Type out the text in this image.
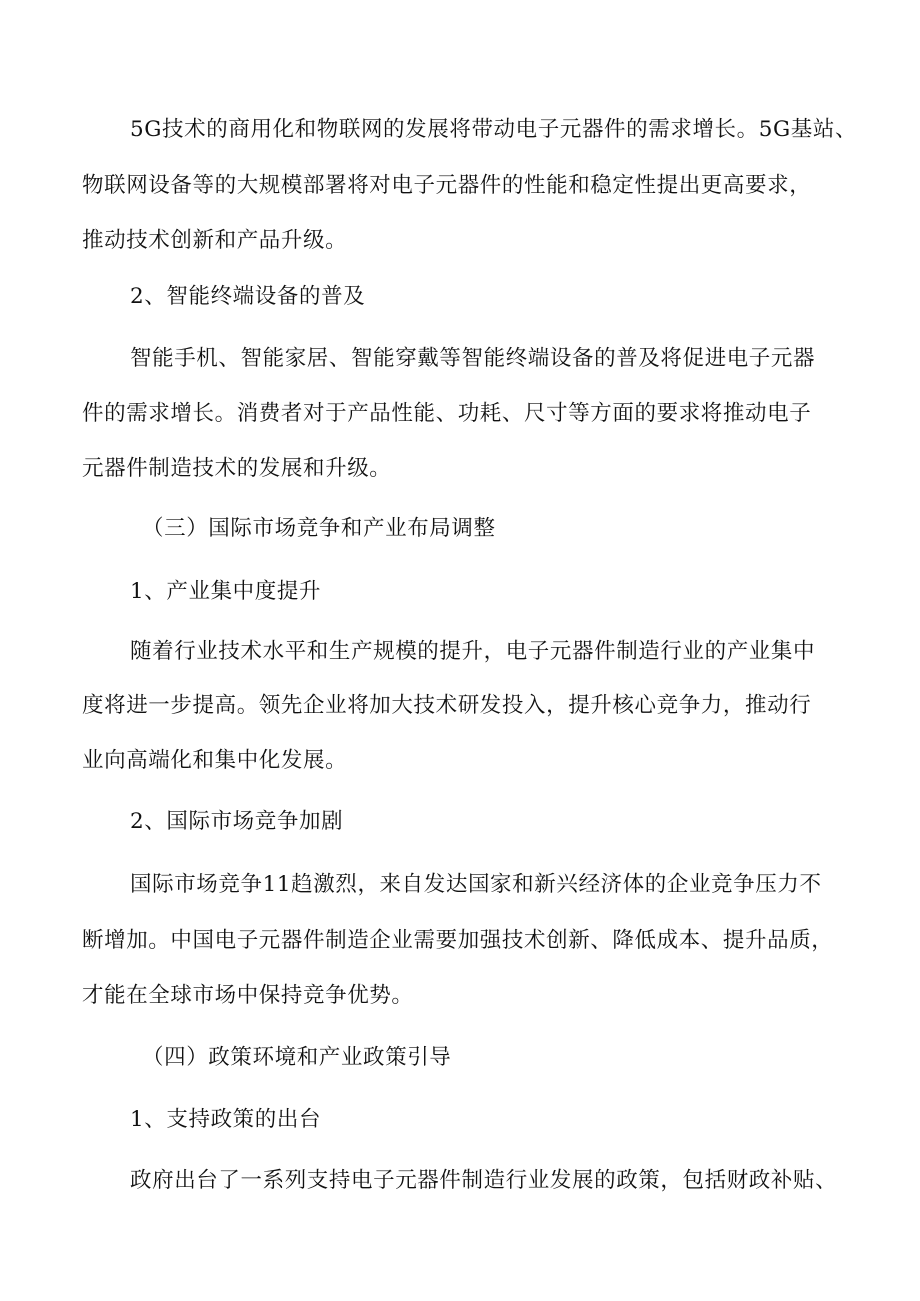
5G技术的商用化和物联网的发展将带动电子元器件的需求增长。5G基站、
物联网设备等的大规模部署将对电子元器件的性能和稳定性提出更高要求，
推动技术创新和产品升级。
2、智能终端设备的普及
智能手机、智能家居、智能穿戴等智能终端设备的普及将促进电子元器
件的需求增长。消费者对于产品性能、功耗、尺寸等方面的要求将推动电子
元器件制造技术的发展和升级。
（三）国际市场竞争和产业布局调整
1、产业集中度提升
随着行业技术水平和生产规模的提升，电子元器件制造行业的产业集中
度将进一步提高。领先企业将加大技术研发投入，提升核心竞争力，推动行
业向高端化和集中化发展。
2、国际市场竞争加剧
国际市场竞争11趋激烈，来自发达国家和新兴经济体的企业竞争压力不
断增加。中国电子元器件制造企业需要加强技术创新、降低成本、提升品质，
才能在全球市场中保持竞争优势。
（四）政策环境和产业政策引导
1、支持政策的出台
政府出台了一系列支持电子元器件制造行业发展的政策，包括财政补贴、
